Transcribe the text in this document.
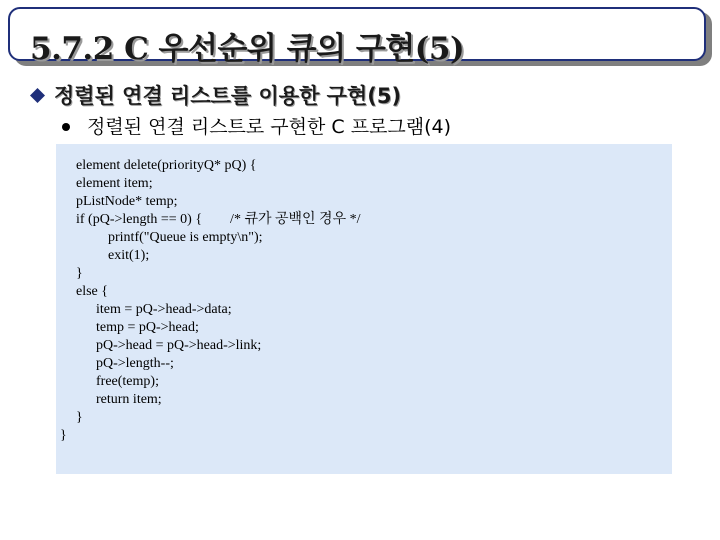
5.7.2 C 우선순위 큐의 구현(5)
정렬된 연결 리스트를 이용한 구현(5)
정렬된 연결 리스트로 구현한 C 프로그램(4)
element delete(priorityQ* pQ) {
element item;
pListNode* temp;
if (pQ->length == 0) {        /* 큐가 공백인 경우 */
printf("Queue is empty\n");
exit(1);
}
else {
item = pQ->head->data;
temp = pQ->head;
pQ->head = pQ->head->link;
pQ->length--;
free(temp);
return item;
}
}
